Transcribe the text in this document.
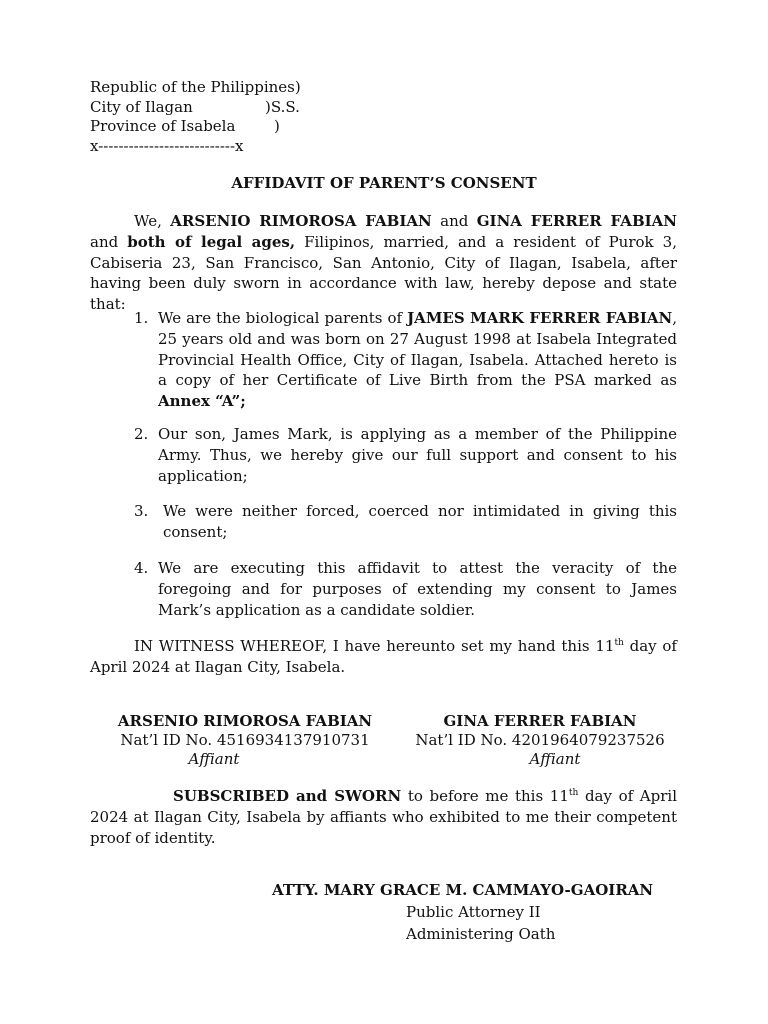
Republic of the Philippines)
City of Ilagan	)S.S.
Province of Isabela	)
x---------------------------x
AFFIDAVIT OF PARENT’S CONSENT
We, ARSENIO RIMOROSA FABIAN and GINA FERRER FABIAN and both of legal ages, Filipinos, married, and a resident of Purok 3, Cabiseria 23, San Francisco, San Antonio, City of Ilagan, Isabela, after having been duly sworn in accordance with law, hereby depose and state that:
1. We are the biological parents of JAMES MARK FERRER FABIAN, 25 years old and was born on 27 August 1998 at Isabela Integrated Provincial Health Office, City of Ilagan, Isabela. Attached hereto is a copy of her Certificate of Live Birth from the PSA marked as Annex “A”;
2. Our son, James Mark, is applying as a member of the Philippine Army. Thus, we hereby give our full support and consent to his application;
3. We were neither forced, coerced nor intimidated in giving this consent;
4. We are executing this affidavit to attest the veracity of the foregoing and for purposes of extending my consent to James Mark’s application as a candidate soldier.
IN WITNESS WHEREOF, I have hereunto set my hand this 11th day of April 2024 at Ilagan City, Isabela.
ARSENIO RIMOROSA FABIAN
Nat’l ID No. 4516934137910731
Affiant
GINA FERRER FABIAN
Nat’l ID No. 4201964079237526
Affiant
SUBSCRIBED and SWORN to before me this 11th day of April 2024 at Ilagan City, Isabela by affiants who exhibited to me their competent proof of identity.
ATTY. MARY GRACE M. CAMMAYO-GAOIRAN
Public Attorney II
Administering Oath
